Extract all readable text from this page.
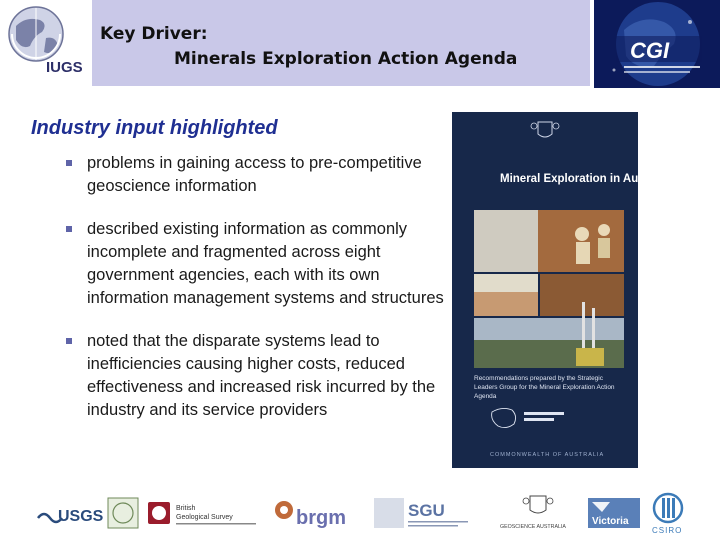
IUGS
Key Driver:
Minerals Exploration Action Agenda	CGI
Industry input highlighted
problems in gaining access to pre-competitive geoscience information
described existing information as commonly incomplete and fragmented across eight government agencies, each with its own information management systems and structures
noted that the disparate systems lead to inefficiencies causing higher costs, reduced effectiveness and increased risk incurred by the industry and its service providers
Mineral Exploration in Australia
Recommendations prepared by the Strategic Leaders Group for the Mineral Exploration Action Agenda
COMMONWEALTH OF AUSTRALIA
USGS	British
Geological Survey	brgm	SGU
GEOSCIENCE AUSTRALIA	Victoria
CSIRO
